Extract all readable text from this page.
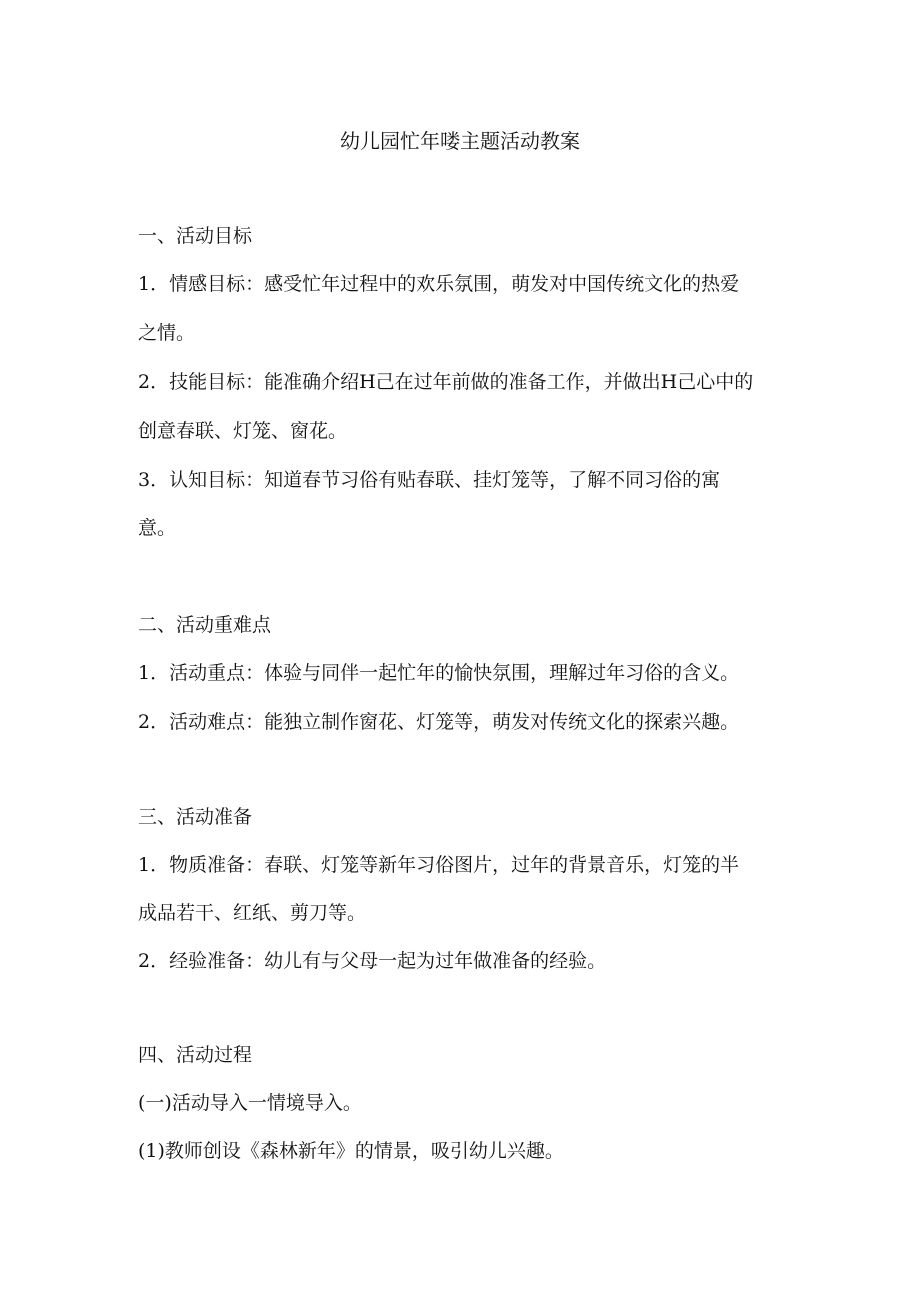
幼儿园忙年喽主题活动教案

一、活动目标

1．情感目标：感受忙年过程中的欢乐氛围，萌发对中国传统文化的热爱

之情。

2．技能目标：能准确介绍H己在过年前做的准备工作，并做出H己心中的

创意春联、灯笼、窗花。

3．认知目标：知道春节习俗有贴春联、挂灯笼等，了解不同习俗的寓

意。

二、活动重难点

1．活动重点：体验与同伴一起忙年的愉快氛围，理解过年习俗的含义。

2．活动难点：能独立制作窗花、灯笼等，萌发对传统文化的探索兴趣。

三、活动准备

1．物质准备：春联、灯笼等新年习俗图片，过年的背景音乐，灯笼的半

成品若干、红纸、剪刀等。

2．经验准备：幼儿有与父母一起为过年做准备的经验。

四、活动过程

(一)活动导入一情境导入。

(1)教师创设《森林新年》的情景，吸引幼儿兴趣。
